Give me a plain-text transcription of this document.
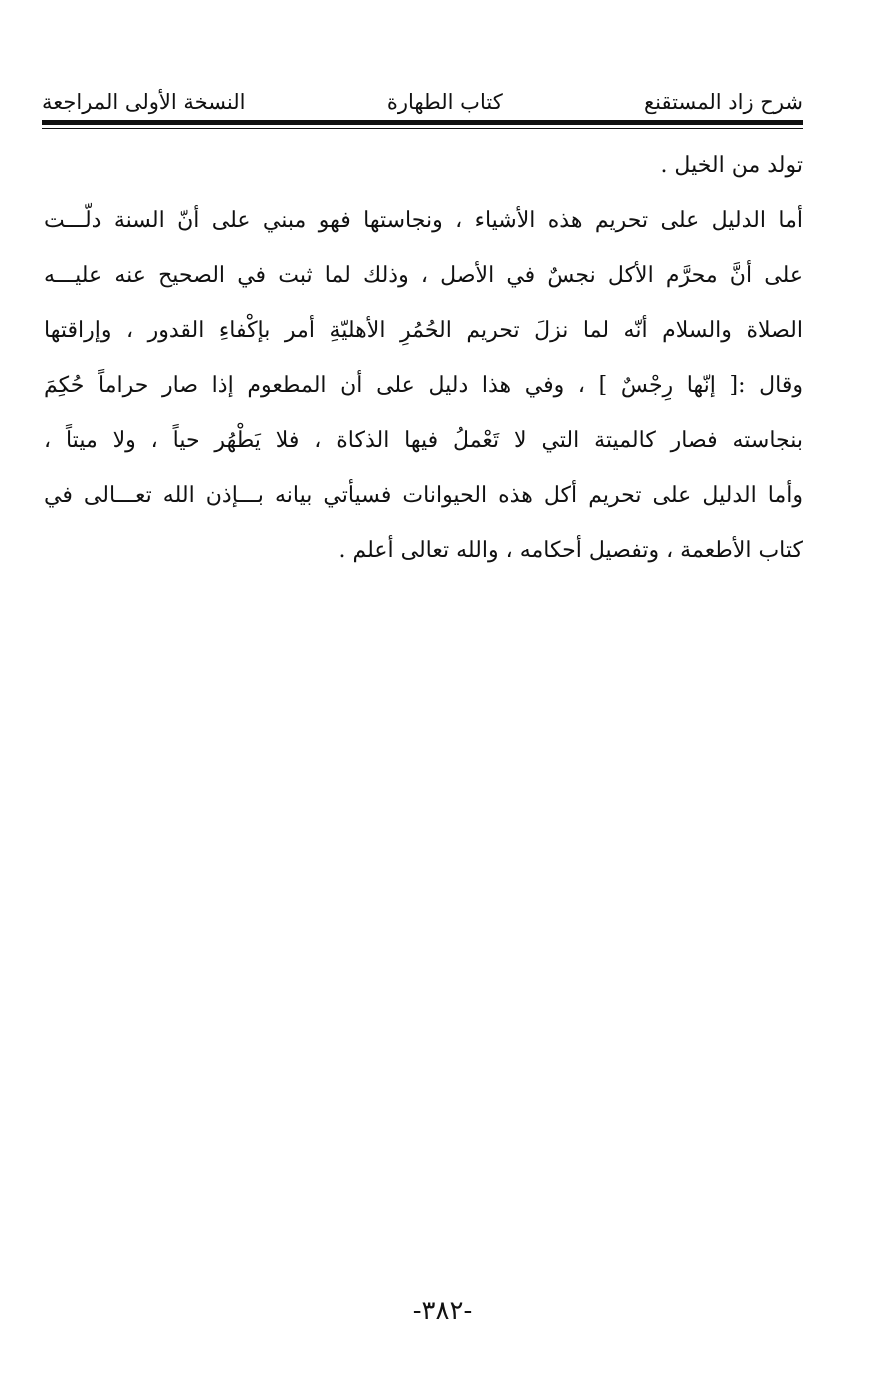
شرح زاد المستقنع
كتاب الطهارة
النسخة الأولى المراجعة
تولد من الخيل .
أما الدليل على تحريم هذه الأشياء ، ونجاستها فهو مبني على أنّ السنة دلّـــت
على أنَّ محرَّم الأكل نجسٌ في الأصل ، وذلك لما ثبت في الصحيح عنه عليـــه
الصلاة والسلام أنّه لما نزلَ تحريم الحُمُرِ الأهليّةِ أمر بإكْفاءِ القدور ، وإراقتها
وقال :[ إنّها رِجْسٌ ] ، وفي هذا دليل على أن المطعوم إذا صار حراماً حُكِمَ
بنجاسته فصار كالميتة التي لا تَعْملُ فيها الذكاة ، فلا يَطْهُر حياً ، ولا ميتاً ،
وأما الدليل على تحريم أكل هذه الحيوانات فسيأتي بيانه بـــإذن الله تعـــالى في
كتاب الأطعمة ، وتفصيل أحكامه ، والله تعالى أعلم .
-٣٨٢-
